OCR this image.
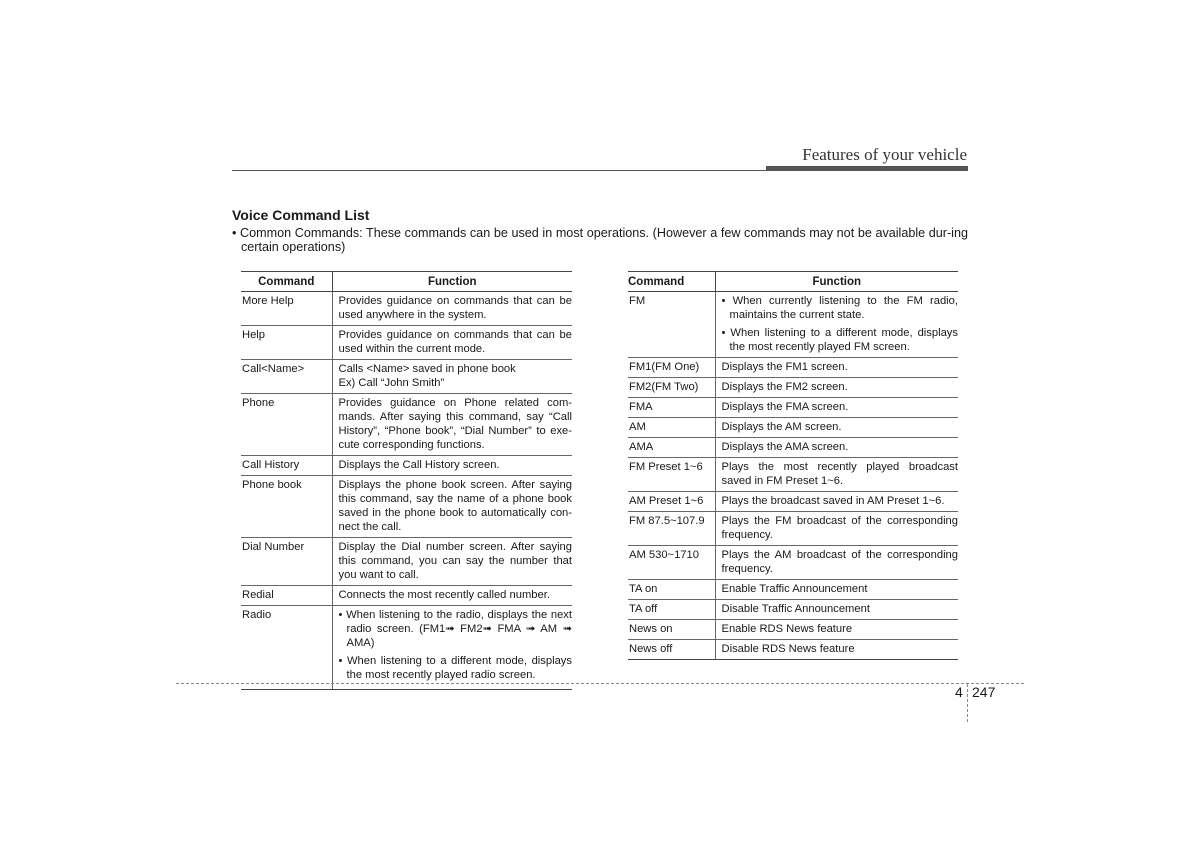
Features of your vehicle
Voice Command List

• Common Commands: These commands can be used in most operations. (However a few commands may not be available dur-ing certain operations)

Command	Function
More Help	Provides guidance on commands that can be used anywhere in the system.
Help	Provides guidance on commands that can be used within the current mode.
Call<Name>	Calls <Name> saved in phone book
Ex) Call “John Smith”

Phone	Provides guidance on Phone related com-mands. After saying this command, say “Call History”, “Phone book”, “Dial Number” to exe-cute corresponding functions.
Call History	Displays the Call History screen.
Phone book	Displays the phone book screen. After saying this command, say the name of a phone book saved in the phone book to automatically con-nect the call.
Dial Number	Display the Dial number screen. After saying this command, you can say the number that you want to call.
Redial	Connects the most recently called number.
Radio	• When listening to the radio, displays the next radio screen. (FM1➟ FM2➟ FMA ➟ AM ➟ AMA)
• When listening to a different mode, displays the most recently played radio screen.
Command	Function
FM	• When currently listening to the FM radio, maintains the current state.
• When listening to a different mode, displays the most recently played FM screen.

FM1(FM One)	Displays the FM1 screen.
FM2(FM Two)	Displays the FM2 screen.
FMA	Displays the FMA screen.
AM	Displays the AM screen.
AMA	Displays the AMA screen.
FM Preset 1~6	Plays the most recently played broadcast saved in FM Preset 1~6.
AM Preset 1~6	Plays the broadcast saved in AM Preset 1~6.
FM 87.5~107.9	Plays the FM broadcast of the corresponding frequency.
AM 530~1710	Plays the AM broadcast of the corresponding frequency.
TA on	Enable Traffic Announcement
TA off	Disable Traffic Announcement
News on	Enable RDS News feature
News off	Disable RDS News feature
4 247
